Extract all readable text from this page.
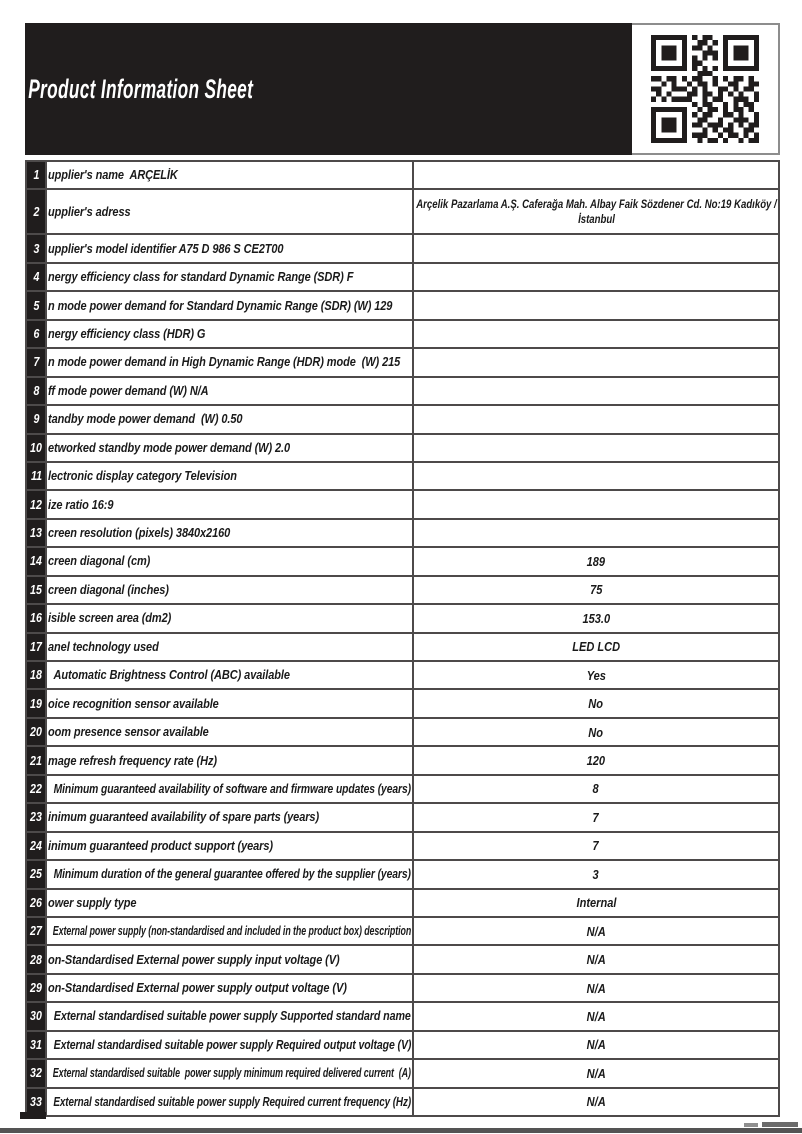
Product Information Sheet
1 upplier's name  ARÇELİK
2 upplier's adress
Arçelik Pazarlama A.Ş. Caferağa Mah. Albay Faik Sözdener Cd. No:19 Kadıköy / İstanbul
3 upplier's model identifier A75 D 986 S CE2T00
4 nergy efficiency class for standard Dynamic Range (SDR) F
5 n mode power demand for Standard Dynamic Range (SDR) (W) 129
6 nergy efficiency class (HDR) G
7 n mode power demand in High Dynamic Range (HDR) mode  (W) 215
8 ff mode power demand (W) N/A
9 tandby mode power demand  (W) 0.50
10 etworked standby mode power demand (W) 2.0
11 lectronic display category Television
12 ize ratio 16:9
13 creen resolution (pixels) 3840x2160
14 creen diagonal (cm)	189
15 creen diagonal (inches)	75
16 isible screen area (dm2)	153.0
17 anel technology used	LED LCD
18 Automatic Brightness Control (ABC) available	Yes
19 oice recognition sensor available	No
20 oom presence sensor available	No
21 mage refresh frequency rate (Hz)	120
22 Minimum guaranteed availability of software and firmware updates (years)	8
23 inimum guaranteed availability of spare parts (years)	7
24 inimum guaranteed product support (years)	7
25 Minimum duration of the general guarantee offered by the supplier (years)	3
26 ower supply type	Internal
27 External power supply (non-standardised and included in the product box) description	N/A
28 on-Standardised External power supply input voltage (V)	N/A
29 on-Standardised External power supply output voltage (V)	N/A
30 External standardised suitable power supply Supported standard name	N/A
31 External standardised suitable power supply Required output voltage (V)	N/A
32 External standardised suitable  power supply minimum required delivered current  (A)	N/A
33 External standardised suitable power supply Required current frequency (Hz)	N/A
